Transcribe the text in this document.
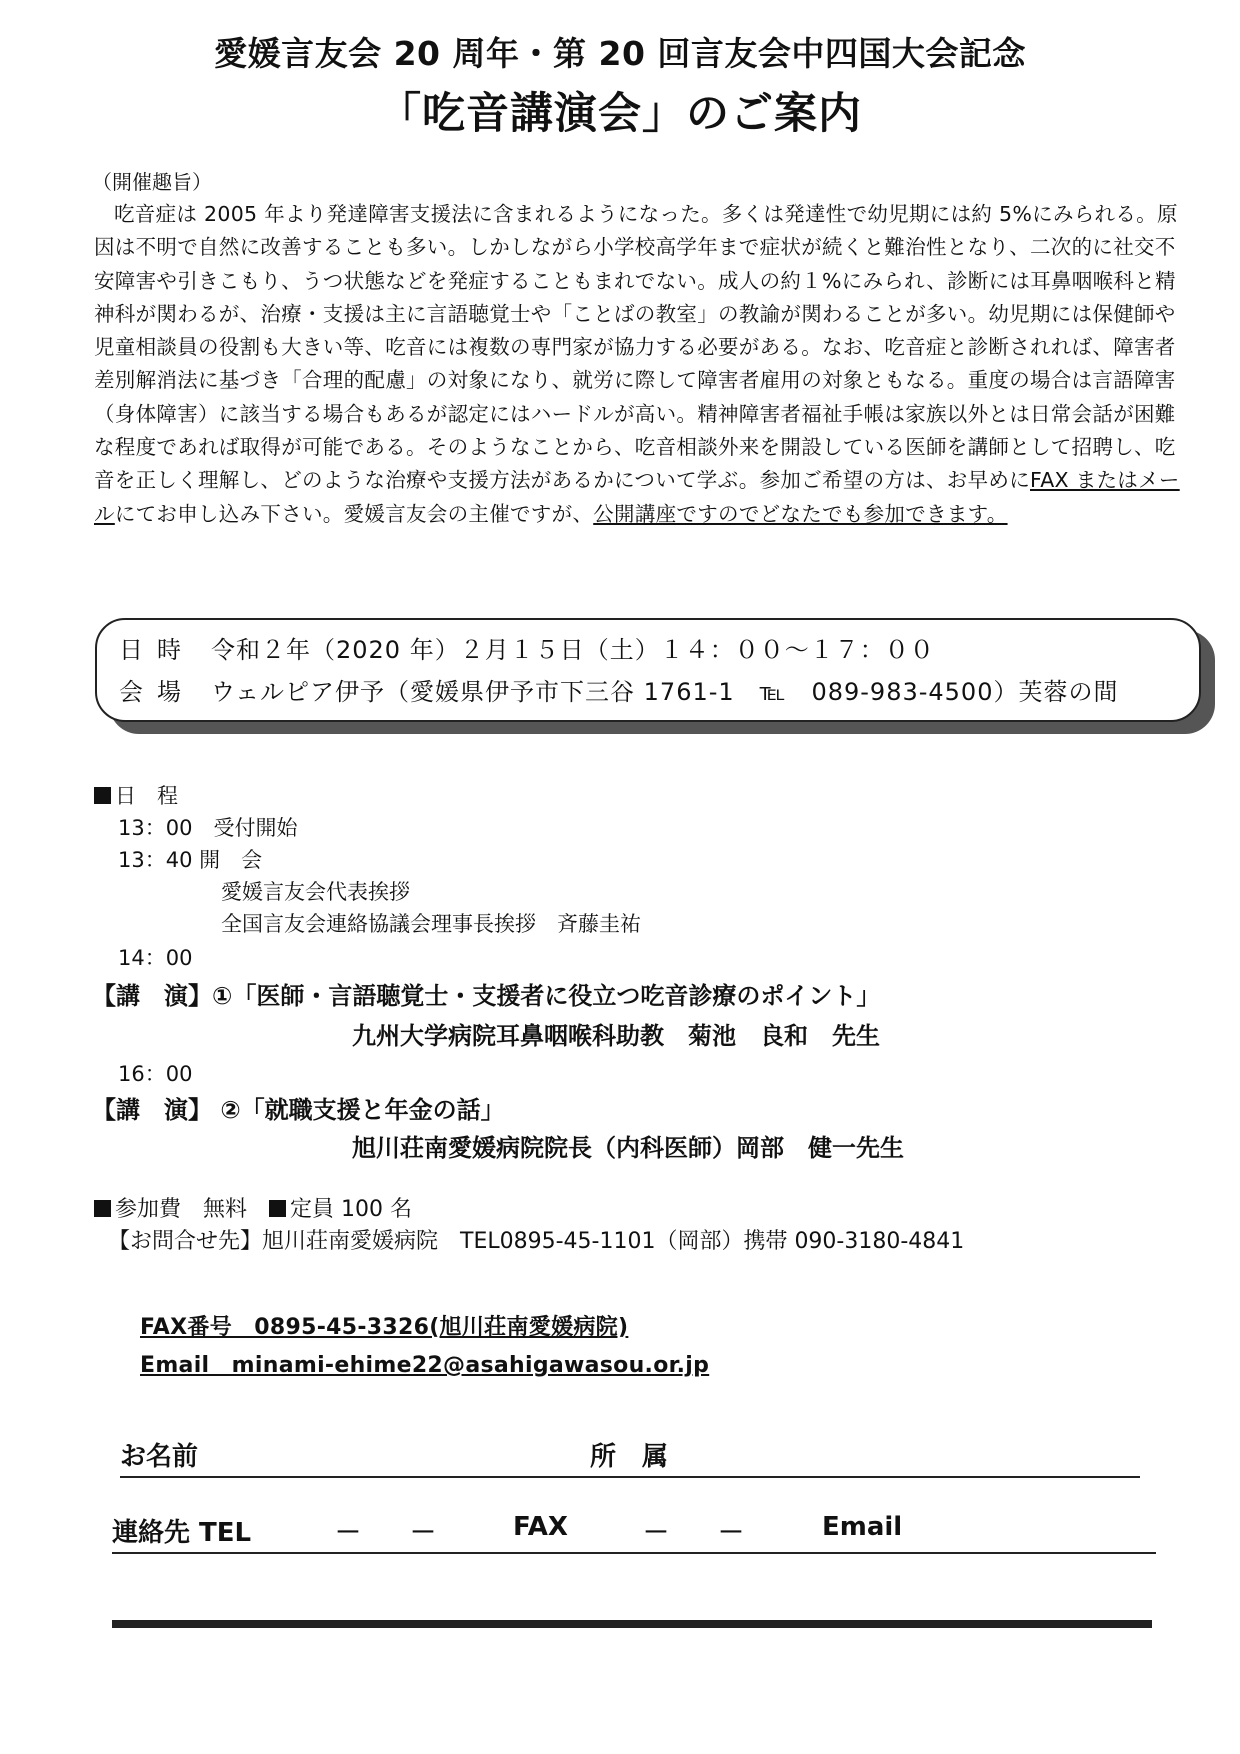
愛媛言友会 20 周年・第 20 回言友会中四国大会記念
「吃音講演会」のご案内
（開催趣旨）
吃音症は 2005 年より発達障害支援法に含まれるようになった。多くは発達性で幼児期には約 5%にみられる。原因は不明で自然に改善することも多い。しかしながら小学校高学年まで症状が続くと難治性となり、二次的に社交不安障害や引きこもり、うつ状態などを発症することもまれでない。成人の約１%にみられ、診断には耳鼻咽喉科と精神科が関わるが、治療・支援は主に言語聴覚士や「ことばの教室」の教諭が関わることが多い。幼児期には保健師や児童相談員の役割も大きい等、吃音には複数の専門家が協力する必要がある。なお、吃音症と診断されれば、障害者差別解消法に基づき「合理的配慮」の対象になり、就労に際して障害者雇用の対象ともなる。重度の場合は言語障害（身体障害）に該当する場合もあるが認定にはハードルが高い。精神障害者福祉手帳は家族以外とは日常会話が困難な程度であれば取得が可能である。そのようなことから、吃音相談外来を開設している医師を講師として招聘し、吃音を正しく理解し、どのような治療や支援方法があるかについて学ぶ。参加ご希望の方は、お早めにFAX またはメールにてお申し込み下さい。愛媛言友会の主催ですが、公開講座ですのでどなたでも参加できます。
日時 令和２年（2020 年）２月１５日（土）１４：００〜１７：００
会場 ウェルピア伊予（愛媛県伊予市下三谷 1761-1　℡　089-983-4500）芙蓉の間
日　程
13：00　受付開始
13：40 開　会
愛媛言友会代表挨拶
全国言友会連絡協議会理事長挨拶　斉藤圭祐
14：00
【講　演】①「医師・言語聴覚士・支援者に役立つ吃音診療のポイント」
九州大学病院耳鼻咽喉科助教　菊池　良和　先生
16：00
【講　演】 ②「就職支援と年金の話」
旭川荘南愛媛病院院長（内科医師）岡部　健一先生
参加費　無料　 定員 100 名
【お問合せ先】旭川荘南愛媛病院　TEL0895-45-1101（岡部）携帯 090-3180-4841
FAX番号　0895-45-3326(旭川荘南愛媛病院)
Email　minami-ehime22@asahigawasou.or.jp
お名前	所　属
連絡先 TEL	－ －	FAX	－ －	Email
